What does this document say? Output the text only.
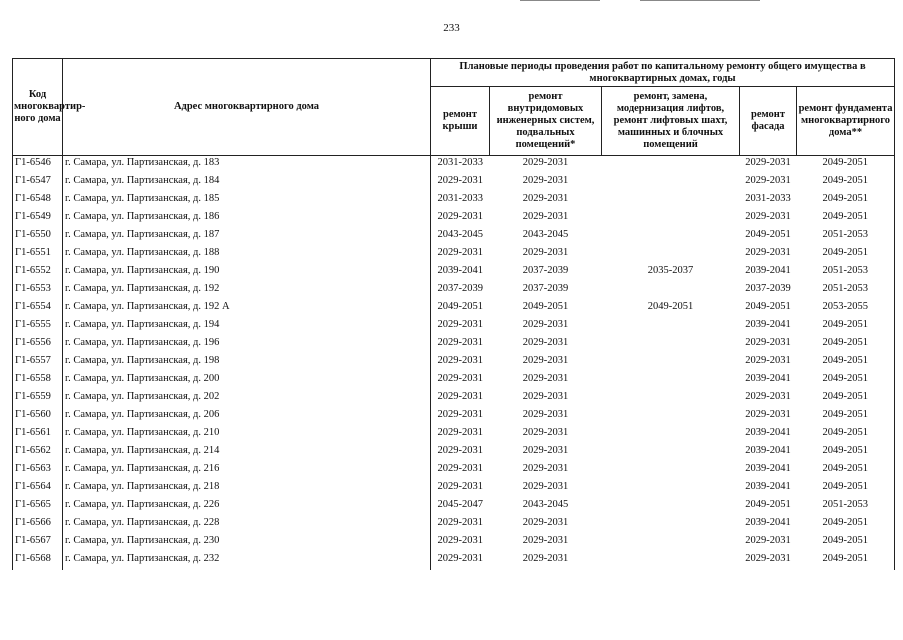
233
Код многоквартир-ного дома	Адрес многоквартирного дома	Плановые периоды проведения работ по капитальному ремонту общего имущества в многоквартирных домах, годы				
		ремонт крыши	ремонт внутридомовых инженерных систем, подвальных помещений*	ремонт, замена, модернизация лифтов, ремонт лифтовых шахт, машинных и блочных помещений	ремонт фасада	ремонт фундамента многоквартирного дома**
Г1-6546	г. Самара, ул. Партизанская, д. 183	2031-2033	2029-2031		2029-2031	2049-2051
Г1-6547	г. Самара, ул. Партизанская, д. 184	2029-2031	2029-2031		2029-2031	2049-2051
Г1-6548	г. Самара, ул. Партизанская, д. 185	2031-2033	2029-2031		2031-2033	2049-2051
Г1-6549	г. Самара, ул. Партизанская, д. 186	2029-2031	2029-2031		2029-2031	2049-2051
Г1-6550	г. Самара, ул. Партизанская, д. 187	2043-2045	2043-2045		2049-2051	2051-2053
Г1-6551	г. Самара, ул. Партизанская, д. 188	2029-2031	2029-2031		2029-2031	2049-2051
Г1-6552	г. Самара, ул. Партизанская, д. 190	2039-2041	2037-2039	2035-2037	2039-2041	2051-2053
Г1-6553	г. Самара, ул. Партизанская, д. 192	2037-2039	2037-2039		2037-2039	2051-2053
Г1-6554	г. Самара, ул. Партизанская, д. 192 А	2049-2051	2049-2051	2049-2051	2049-2051	2053-2055
Г1-6555	г. Самара, ул. Партизанская, д. 194	2029-2031	2029-2031		2039-2041	2049-2051
Г1-6556	г. Самара, ул. Партизанская, д. 196	2029-2031	2029-2031		2029-2031	2049-2051
Г1-6557	г. Самара, ул. Партизанская, д. 198	2029-2031	2029-2031		2029-2031	2049-2051
Г1-6558	г. Самара, ул. Партизанская, д. 200	2029-2031	2029-2031		2039-2041	2049-2051
Г1-6559	г. Самара, ул. Партизанская, д. 202	2029-2031	2029-2031		2029-2031	2049-2051
Г1-6560	г. Самара, ул. Партизанская, д. 206	2029-2031	2029-2031		2029-2031	2049-2051
Г1-6561	г. Самара, ул. Партизанская, д. 210	2029-2031	2029-2031		2039-2041	2049-2051
Г1-6562	г. Самара, ул. Партизанская, д. 214	2029-2031	2029-2031		2039-2041	2049-2051
Г1-6563	г. Самара, ул. Партизанская, д. 216	2029-2031	2029-2031		2039-2041	2049-2051
Г1-6564	г. Самара, ул. Партизанская, д. 218	2029-2031	2029-2031		2039-2041	2049-2051
Г1-6565	г. Самара, ул. Партизанская, д. 226	2045-2047	2043-2045		2049-2051	2051-2053
Г1-6566	г. Самара, ул. Партизанская, д. 228	2029-2031	2029-2031		2039-2041	2049-2051
Г1-6567	г. Самара, ул. Партизанская, д. 230	2029-2031	2029-2031		2029-2031	2049-2051
Г1-6568	г. Самара, ул. Партизанская, д. 232	2029-2031	2029-2031		2029-2031	2049-2051
